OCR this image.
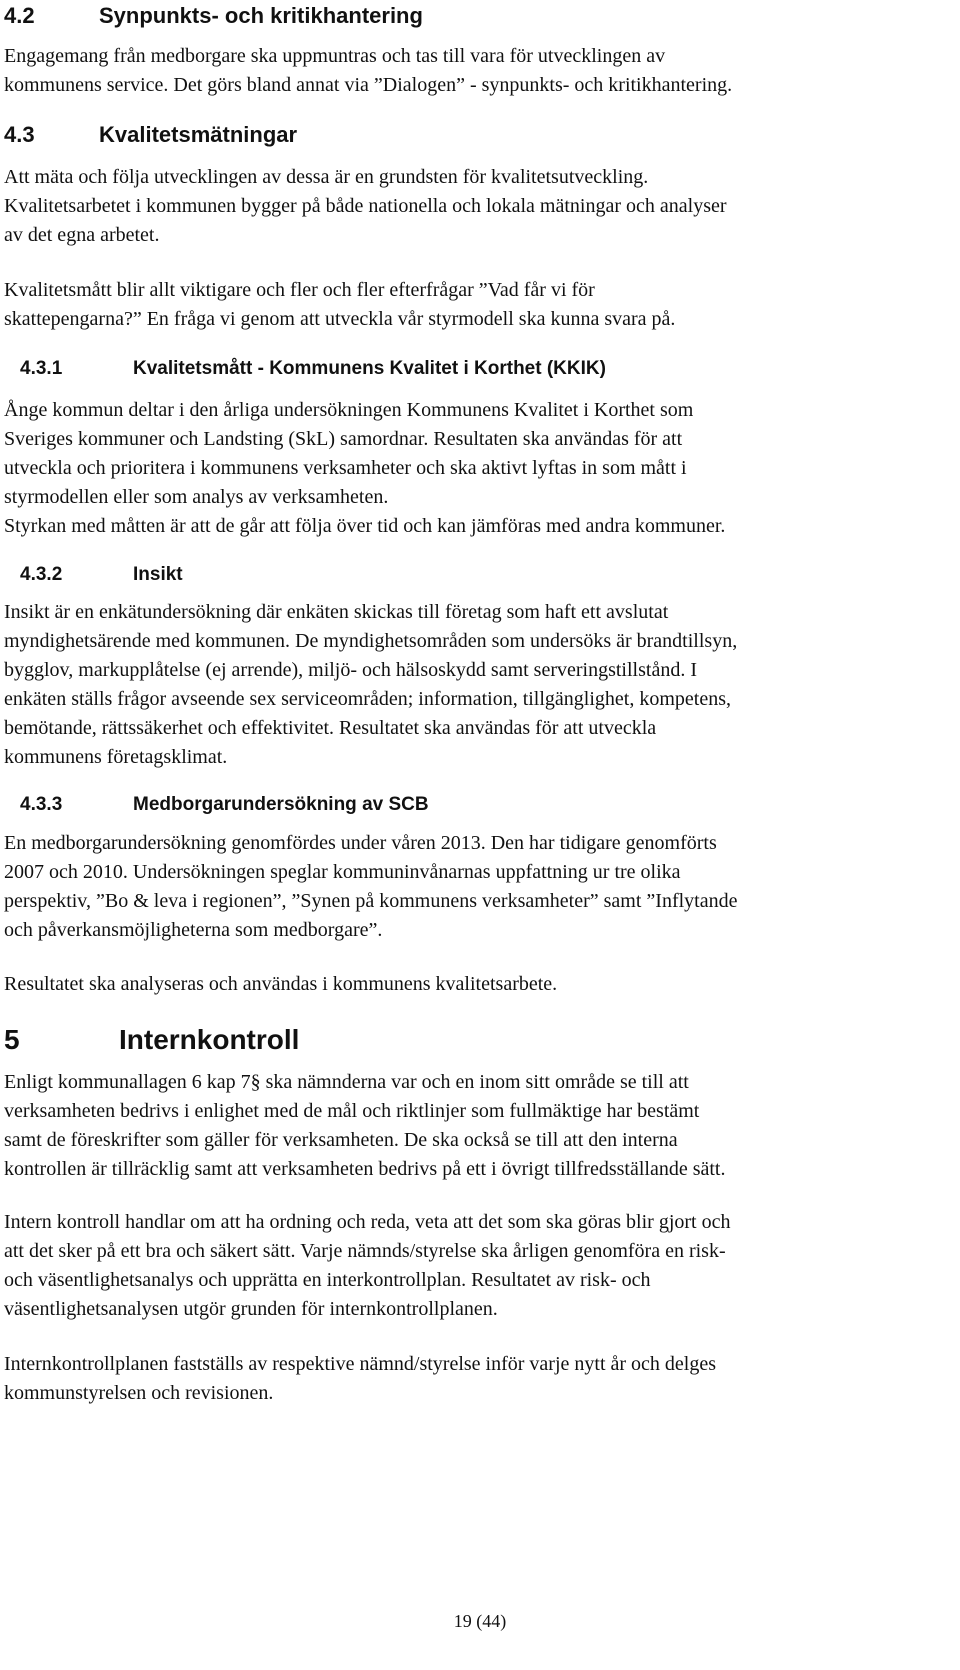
4.2	Synpunkts- och kritikhantering
Engagemang från medborgare ska uppmuntras och tas till vara för utvecklingen av
kommunens service. Det görs bland annat via ”Dialogen” - synpunkts- och kritikhantering.
4.3	Kvalitetsmätningar
Att mäta och följa utvecklingen av dessa är en grundsten för kvalitetsutveckling.
Kvalitetsarbetet i kommunen bygger på både nationella och lokala mätningar och analyser
av det egna arbetet.
Kvalitetsmått blir allt viktigare och fler och fler efterfrågar ”Vad får vi för
skattepengarna?” En fråga vi genom att utveckla vår styrmodell ska kunna svara på.
4.3.1	Kvalitetsmått - Kommunens Kvalitet i Korthet (KKIK)
Ånge kommun deltar i den årliga undersökningen Kommunens Kvalitet i Korthet som
Sveriges kommuner och Landsting (SkL) samordnar. Resultaten ska användas för att
utveckla och prioritera i kommunens verksamheter och ska aktivt lyftas in som mått i
styrmodellen eller som analys av verksamheten.
Styrkan med måtten är att de går att följa över tid och kan jämföras med andra kommuner.
4.3.2	Insikt
Insikt är en enkätundersökning där enkäten skickas till företag som haft ett avslutat
myndighetsärende med kommunen. De myndighetsområden som undersöks är brandtillsyn,
bygglov, markupplåtelse (ej arrende), miljö- och hälsoskydd samt serveringstillstånd. I
enkäten ställs frågor avseende sex serviceområden; information, tillgänglighet, kompetens,
bemötande, rättssäkerhet och effektivitet. Resultatet ska användas för att utveckla
kommunens företagsklimat.
4.3.3	Medborgarundersökning av SCB
En medborgarundersökning genomfördes under våren 2013. Den har tidigare genomförts
2007 och 2010. Undersökningen speglar kommuninvånarnas uppfattning ur tre olika
perspektiv, ”Bo & leva i regionen”, ”Synen på kommunens verksamheter” samt ”Inflytande
och påverkansmöjligheterna som medborgare”.
Resultatet ska analyseras och användas i kommunens kvalitetsarbete.
5	Internkontroll
Enligt kommunallagen 6 kap 7§ ska nämnderna var och en inom sitt område se till att
verksamheten bedrivs i enlighet med de mål och riktlinjer som fullmäktige har bestämt
samt de föreskrifter som gäller för verksamheten. De ska också se till att den interna
kontrollen är tillräcklig samt att verksamheten bedrivs på ett i övrigt tillfredsställande sätt.
Intern kontroll handlar om att ha ordning och reda, veta att det som ska göras blir gjort och
att det sker på ett bra och säkert sätt. Varje nämnds/styrelse ska årligen genomföra en risk-
och väsentlighetsanalys och upprätta en interkontrollplan. Resultatet av risk- och
väsentlighetsanalysen utgör grunden för internkontrollplanen.
Internkontrollplanen fastställs av respektive nämnd/styrelse inför varje nytt år och delges
kommunstyrelsen och revisionen.
19 (44)
